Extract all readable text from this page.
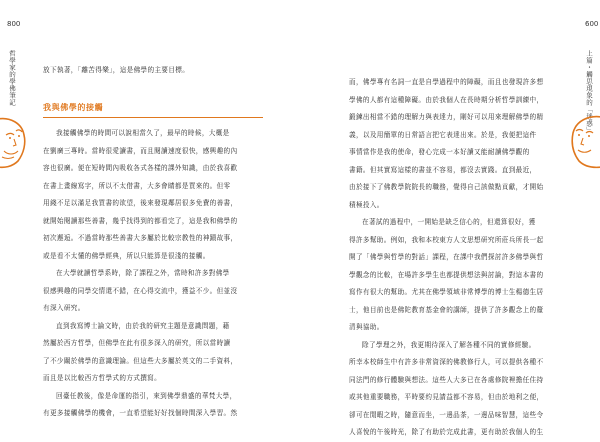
800
哲學家的學佛筆記	放下執著，「離苦得樂」，這是佛學的主要目標。

我與佛學的接觸

我接觸佛學的時間可以說相當久了，最早的時候，大概是

在劉廣三專時。當時很愛讀書，而且閱讀速度很快，感興趣的內

容也很廣。便在短時間內吸收各式各樣的課外知識，由於我喜歡

在書上畫線寫字，所以不太借書，大多會睛都是買來的。但零

用錢不足以滿足我買書的欲望，後來發現鄰居很多免費的善書，

就開始閱讀那些善書，幾乎找得到的都看完了，這是我和佛學的

初次邂逅。不過當時那些善書大多屬於比較宗教性的神蹟故事，

或是看不太懂的佛學經典，所以只能算是很淺的接觸。

在大學就讀哲學系時，除了課程之外，當時和許多對佛學

很感興趣的同學交情還不錯，在心得交流中，獲益不少。但並沒

有深入研究。

直到我寫博士論文時，由於我的研究主題是意識問題，藉

然屬於西方哲學，但佛學在此有很多深入的研究，所以當時讀

了不少關於佛學的意識理論。但這些大多屬於英文的二手資料，

而且是以比較西方哲學式的方式撰寫。

回臺任教後，像是命運的指引，來到佛學鼎盛的華梵大學，

有更多接觸佛學的機會，一直希望能好好找個時間深入學習。然

600
上篇・觸思現象的「迷惑」

而，佛學專有名詞一直是自學過程中的障礙，而且也發現許多想

學佛的人都有這種障礙。由於我個人在長時期分析哲學訓練中，

鍛鍊出相當不錯的理解力與表達力，剛好可以用來理解佛學的精

義，以及用簡單的日常語言把它表達出來。於是，我便把這件

事情當作是我的使命，發心完成一本好讀又能耐讀佛學觀的

書籍。但其實寫這樣的書並不容易，都沒去實踐。直到最近，

由於接下了佛教學院院長的職務，覺得自己該做點貢獻，才開始

積極投入。

在著試的過程中，一開始是缺乏信心的，但還算很好，獲

得許多幫助。例如，我和本校東方人文思想研究所莊兵所長一起

開了「佛學與哲學的對話」課程，在課中我們探討許多佛學與哲

學觀念的比較，在場許多學生也都提供想法與討論，對這本書的

寫作有很大的幫助。尤其在佛學領域非常博學的博士生楊德生居

士，他目前也是佛陀教育基金會的講師，提供了許多觀念上的釐

清與協助。

除了學理之外，我更期待深入了解各種不同的實修經驗。

所幸本校師生中有許多非常資深的佛教修行人，可以提供各種不

同法門的修行體驗與想法。這些人大多已在各處修院裡擔任住持

或其他重要職務，平時要約見請益都不容易，但由於地利之便，

卻可在閒暇之時，隨意而坐，一邊品茶，一邊品味智慧，這些令

人喜悅的午後時光，除了有助於完成此書，更有助於我個人的生
